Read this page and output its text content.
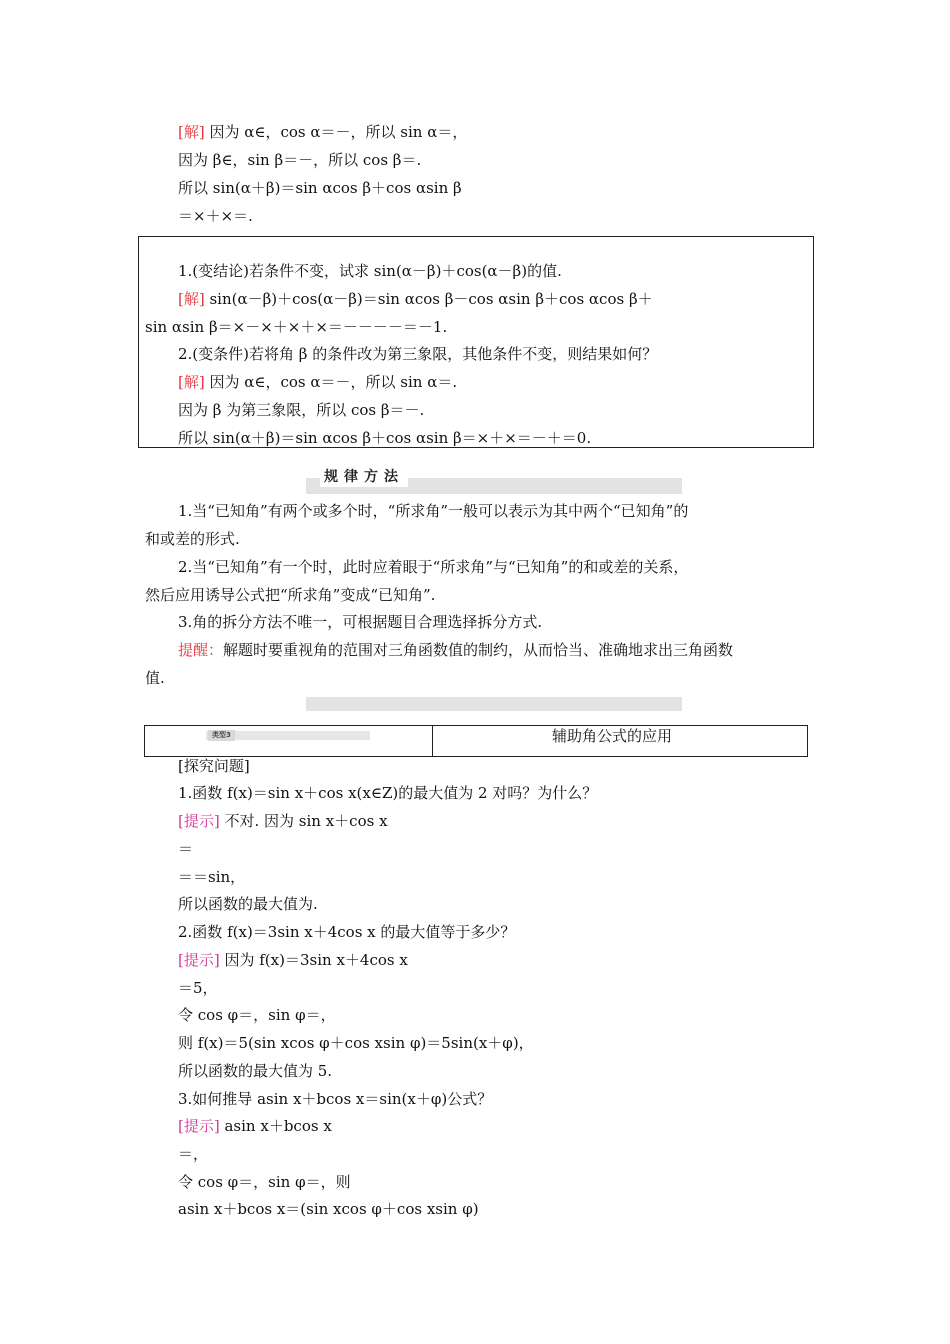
[解] 因为 α∈，cos α＝－，所以 sin α＝，
因为 β∈，sin β＝－，所以 cos β＝.
所以 sin(α＋β)＝sin αcos β＋cos αsin β
＝×＋×＝.
1.(变结论)若条件不变，试求 sin(α－β)＋cos(α－β)的值.
[解] sin(α－β)＋cos(α－β)＝sin αcos β－cos αsin β＋cos αcos β＋
sin αsin β＝×－×＋×＋×＝－－－－＝－1.
2.(变条件)若将角 β 的条件改为第三象限，其他条件不变，则结果如何？
[解] 因为 α∈，cos α＝－，所以 sin α＝.
因为 β 为第三象限，所以 cos β＝－.
所以 sin(α＋β)＝sin αcos β＋cos αsin β＝×＋×＝－＋＝0.
规律方法
1.当“已知角”有两个或多个时，“所求角”一般可以表示为其中两个“已知角”的
和或差的形式.
2.当“已知角”有一个时，此时应着眼于“所求角”与“已知角”的和或差的关系，
然后应用诱导公式把“所求角”变成“已知角”.
3.角的拆分方法不唯一，可根据题目合理选择拆分方式.
提醒：解题时要重视角的范围对三角函数值的制约，从而恰当、准确地求出三角函数
值.
类型3	辅助角公式的应用
[探究问题]
1.函数 f(x)＝sin x＋cos x(x∈Z)的最大值为 2 对吗？为什么？
[提示] 不对. 因为 sin x＋cos x
＝
＝＝sin，
所以函数的最大值为.
2.函数 f(x)＝3sin x＋4cos x 的最大值等于多少？
[提示] 因为 f(x)＝3sin x＋4cos x
＝5，
令 cos φ＝，sin φ＝，
则 f(x)＝5(sin xcos φ＋cos xsin φ)＝5sin(x＋φ)，
所以函数的最大值为 5.
3.如何推导 asin x＋bcos x＝sin(x＋φ)公式？
[提示] asin x＋bcos x
＝，
令 cos φ＝，sin φ＝，则
asin x＋bcos x＝(sin xcos φ＋cos xsin φ)
